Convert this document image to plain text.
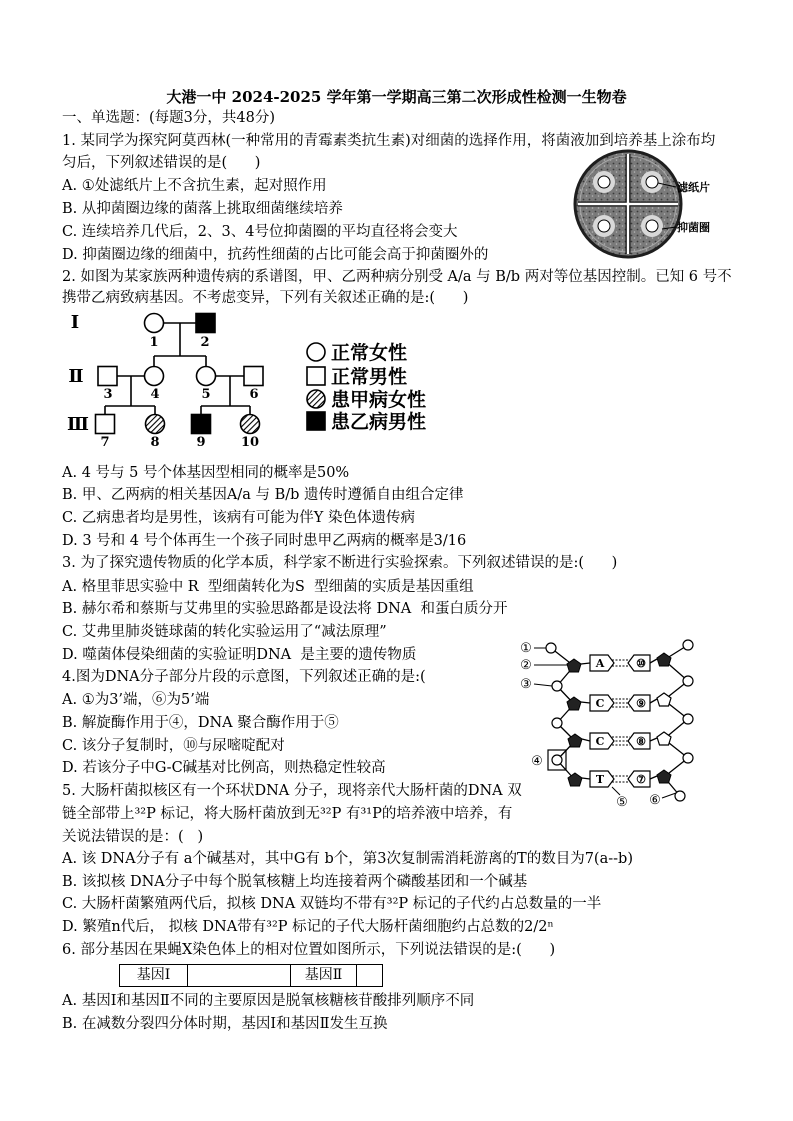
大港一中 2024-2025 学年第一学期高三第二次形成性检测一生物卷
一、单选题：(每题3分，共48分)
1. 某同学为探究阿莫西林(一种常用的青霉素类抗生素)对细菌的选择作用，将菌液加到培养基上涂布均
匀后，下列叙述错误的是(      )
A. ①处滤纸片上不含抗生素，起对照作用
B. 从抑菌圈边缘的菌落上挑取细菌继续培养
C. 连续培养几代后，2、3、4号位抑菌圈的平均直径将会变大
D. 抑菌圈边缘的细菌中，抗药性细菌的占比可能会高于抑菌圈外的
滤纸片
抑菌圈
2. 如图为某家族两种遗传病的系谱图，甲、乙两种病分别受 A/a 与 B/b 两对等位基因控制。已知 6 号不
携带乙病致病基因。不考虑变异，下列有关叙述正确的是:(      )
Ⅰ
Ⅱ
Ⅲ
1	2
3	4	5	6
7	8	9	10
正常女性
正常男性
患甲病女性
患乙病男性
A. 4 号与 5 号个体基因型相同的概率是50%
B. 甲、乙两病的相关基因A/a 与 B/b 遗传时遵循自由组合定律
C. 乙病患者均是男性，该病有可能为伴Y 染色体遗传病
D. 3 号和 4 号个体再生一个孩子同时患甲乙两病的概率是3/16
3. 为了探究遗传物质的化学本质，科学家不断进行实验探索。下列叙述错误的是:(      )
A. 格里菲思实验中 R  型细菌转化为S  型细菌的实质是基因重组
B. 赫尔希和蔡斯与艾弗里的实验思路都是设法将 DNA  和蛋白质分开
C. 艾弗里肺炎链球菌的转化实验运用了“减法原理”
D. 噬菌体侵染细菌的实验证明DNA  是主要的遗传物质
4.图为DNA分子部分片段的示意图，下列叙述正确的是:(
A. ①为3’端，⑥为5’端
B. 解旋酶作用于④，DNA 聚合酶作用于⑤
C. 该分子复制时，⑩与尿嘧啶配对
D. 若该分子中G-C碱基对比例高，则热稳定性较高
A
C
C
T
⑩
⑨
⑧
⑦
①
②
③
④
⑤ ⑥
5. 大肠杆菌拟核区有一个环状DNA 分子，现将亲代大肠杆菌的DNA 双
链全部带上³²P 标记，将大肠杆菌放到无³²P 有³¹P的培养液中培养，有
关说法错误的是：(   )
A. 该 DNA分子有 a个碱基对，其中G有 b个，第3次复制需消耗游离的T的数目为7(a--b)
B. 该拟核 DNA分子中每个脱氧核糖上均连接着两个磷酸基团和一个碱基
C. 大肠杆菌繁殖两代后，拟核 DNA 双链均不带有³²P 标记的子代约占总数量的一半
D. 繁殖n代后， 拟核 DNA带有³²P 标记的子代大肠杆菌细胞约占总数的2/2ⁿ
6. 部分基因在果蝇X染色体上的相对位置如图所示，下列说法错误的是:(      )
基因Ⅰ	基因Ⅱ
A. 基因Ⅰ和基因Ⅱ不同的主要原因是脱氧核糖核苷酸排列顺序不同
B. 在减数分裂四分体时期，基因Ⅰ和基因Ⅱ发生互换
